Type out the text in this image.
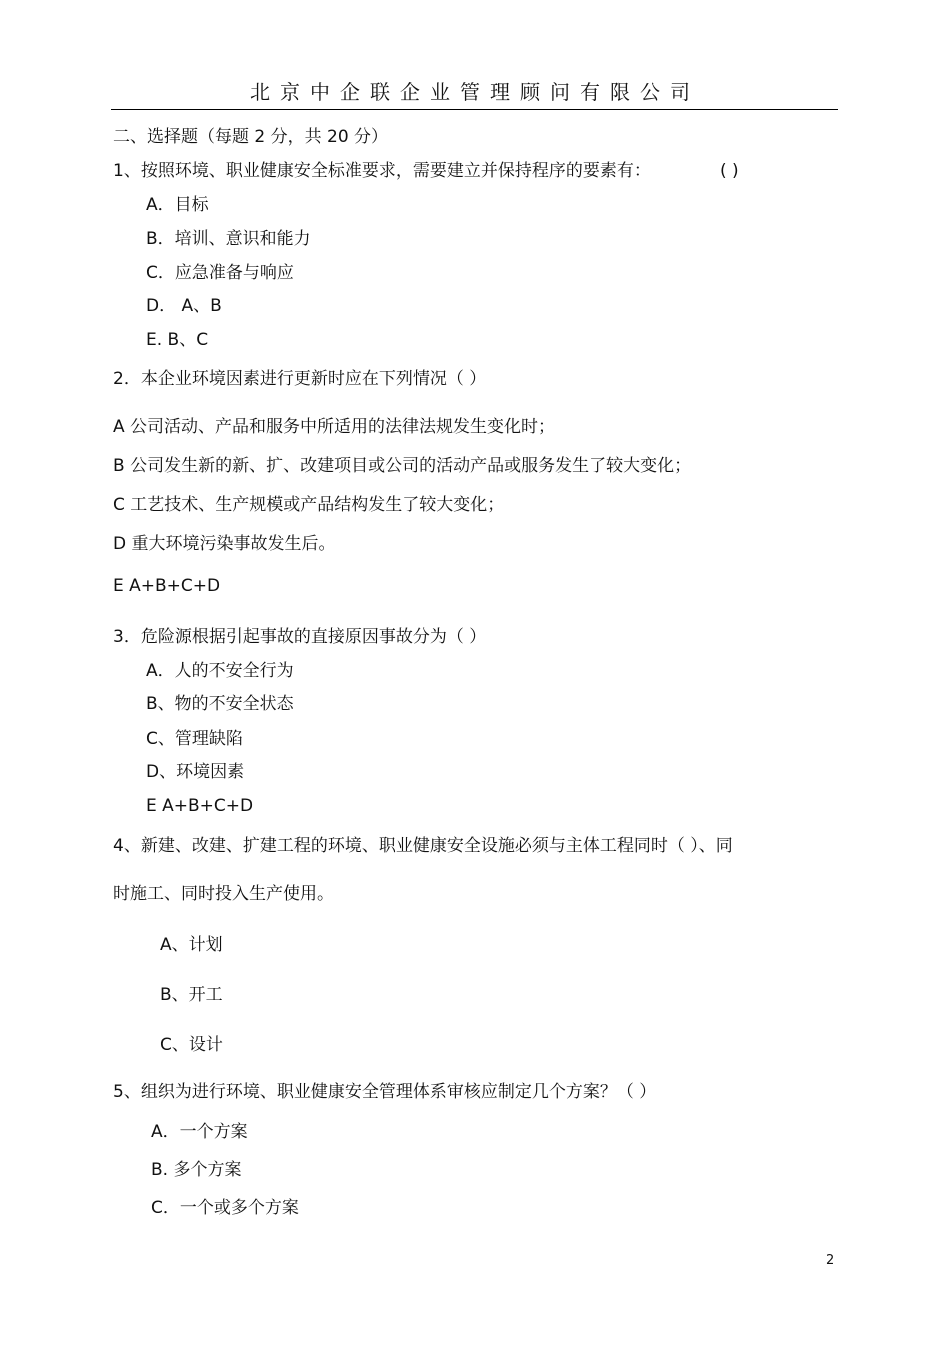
北京中企联企业管理顾问有限公司
二、选择题（每题 2 分，共 20 分）
1、按照环境、职业健康安全标准要求，需要建立并保持程序的要素有：	( )
A．目标
B．培训、意识和能力
C．应急准备与响应
D． A、B
E. B、C
2．本企业环境因素进行更新时应在下列情况（ ）
A 公司活动、产品和服务中所适用的法律法规发生变化时；
B 公司发生新的新、扩、改建项目或公司的活动产品或服务发生了较大变化；
C 工艺技术、生产规模或产品结构发生了较大变化；
D 重大环境污染事故发生后。
E A+B+C+D
3．危险源根据引起事故的直接原因事故分为（ ）
A．人的不安全行为
B、物的不安全状态
C、管理缺陷
D、环境因素
E A+B+C+D
4、新建、改建、扩建工程的环境、职业健康安全设施必须与主体工程同时（ ）、同
时施工、同时投入生产使用。
A、计划
B、开工
C、设计
5、组织为进行环境、职业健康安全管理体系审核应制定几个方案？（ ）
A．一个方案
B. 多个方案
C．一个或多个方案
2
